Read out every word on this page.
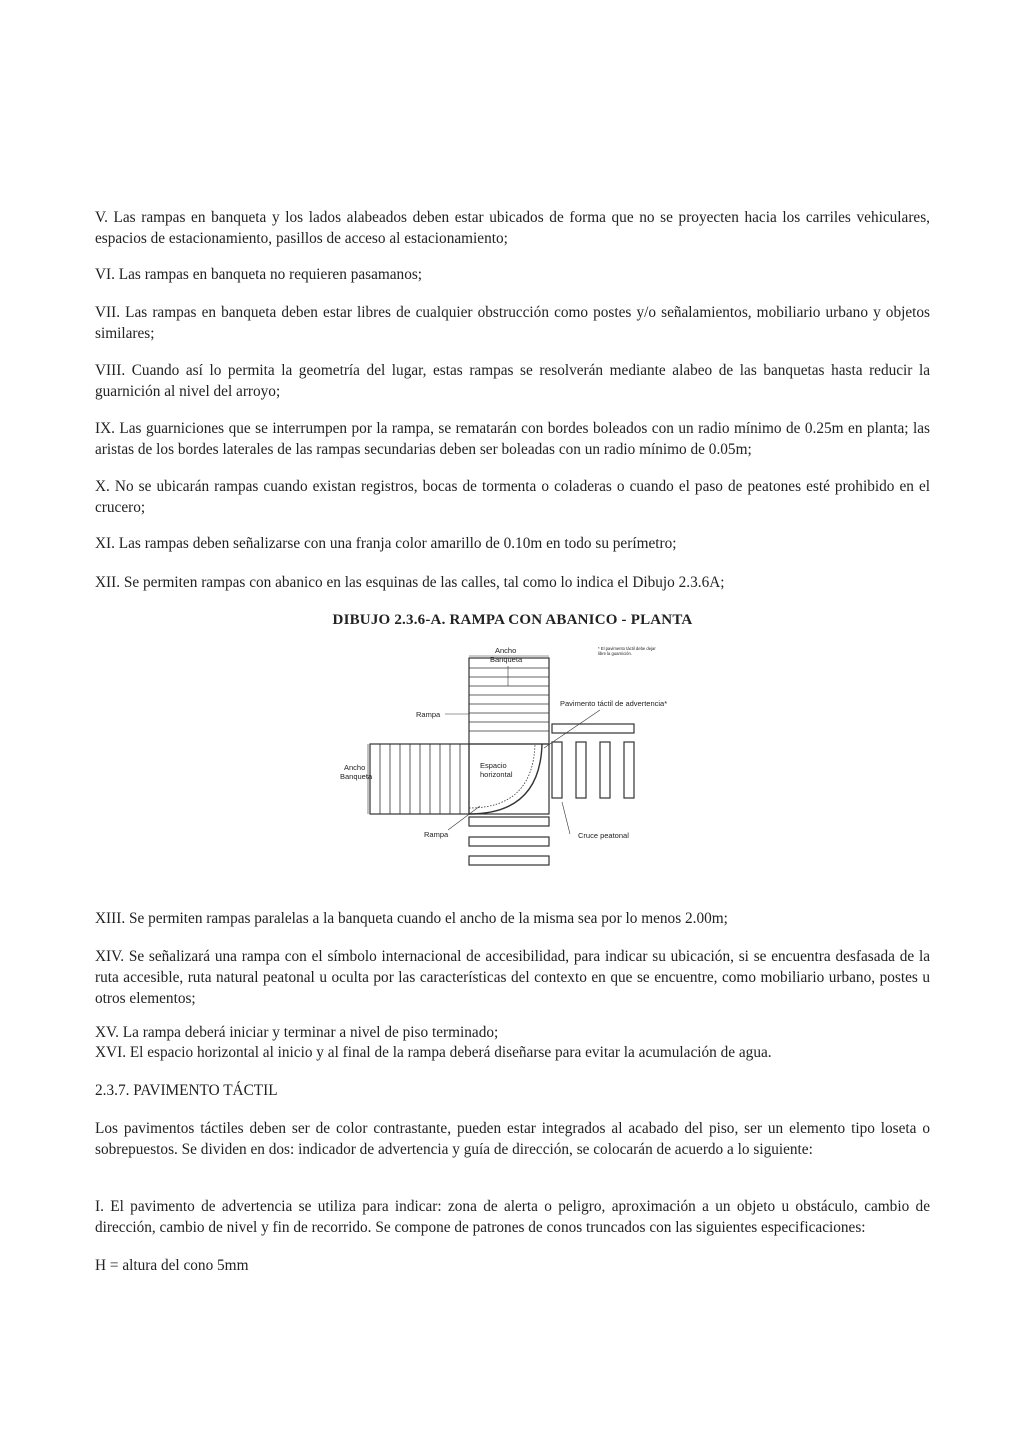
V. Las rampas en banqueta y los lados alabeados deben estar ubicados de forma que no se proyecten hacia los carriles vehiculares, espacios de estacionamiento, pasillos de acceso al estacionamiento;

VI. Las rampas en banqueta no requieren pasamanos;

VII. Las rampas en banqueta deben estar libres de cualquier obstrucción como postes y/o señalamientos, mobiliario urbano y objetos similares;

VIII. Cuando así lo permita la geometría del lugar, estas rampas se resolverán mediante alabeo de las banquetas hasta reducir la guarnición al nivel del arroyo;

IX. Las guarniciones que se interrumpen por la rampa, se rematarán con bordes boleados con un radio mínimo de 0.25m en planta; las aristas de los bordes laterales de las rampas secundarias deben ser boleadas con un radio mínimo de 0.05m;

X. No se ubicarán rampas cuando existan registros, bocas de tormenta o coladeras o cuando el paso de peatones esté prohibido en el crucero;

XI. Las rampas deben señalizarse con una franja color amarillo de 0.10m en todo su perímetro;

XII. Se permiten rampas con abanico en las esquinas de las calles, tal como lo indica el Dibujo 2.3.6A;

DIBUJO 2.3.6-A. RAMPA CON ABANICO - PLANTA
Ancho
Banqueta
* El pavimento táctil debe dejar
libre la guarnición.
Pavimento táctil de advertencia*
Rampa
Ancho
Banqueta
Espacio
horizontal
Rampa	Cruce peatonal

XIII. Se permiten rampas paralelas a la banqueta cuando el ancho de la misma sea por lo menos 2.00m;

XIV. Se señalizará una rampa con el símbolo internacional de accesibilidad, para indicar su ubicación, si se encuentra desfasada de la ruta accesible, ruta natural peatonal u oculta por las características del contexto en que se encuentre, como mobiliario urbano, postes u otros elementos;

XV. La rampa deberá iniciar y terminar a nivel de piso terminado;

XVI. El espacio horizontal al inicio y al final de la rampa deberá diseñarse para evitar la acumulación de agua.

2.3.7. PAVIMENTO TÁCTIL

Los pavimentos táctiles deben ser de color contrastante, pueden estar integrados al acabado del piso, ser un elemento tipo loseta o sobrepuestos. Se dividen en dos: indicador de advertencia y guía de dirección, se colocarán de acuerdo a lo siguiente:

I. El pavimento de advertencia se utiliza para indicar: zona de alerta o peligro, aproximación a un objeto u obstáculo, cambio de dirección, cambio de nivel y fin de recorrido. Se compone de patrones de conos truncados con las siguientes especificaciones:

H = altura del cono 5mm
